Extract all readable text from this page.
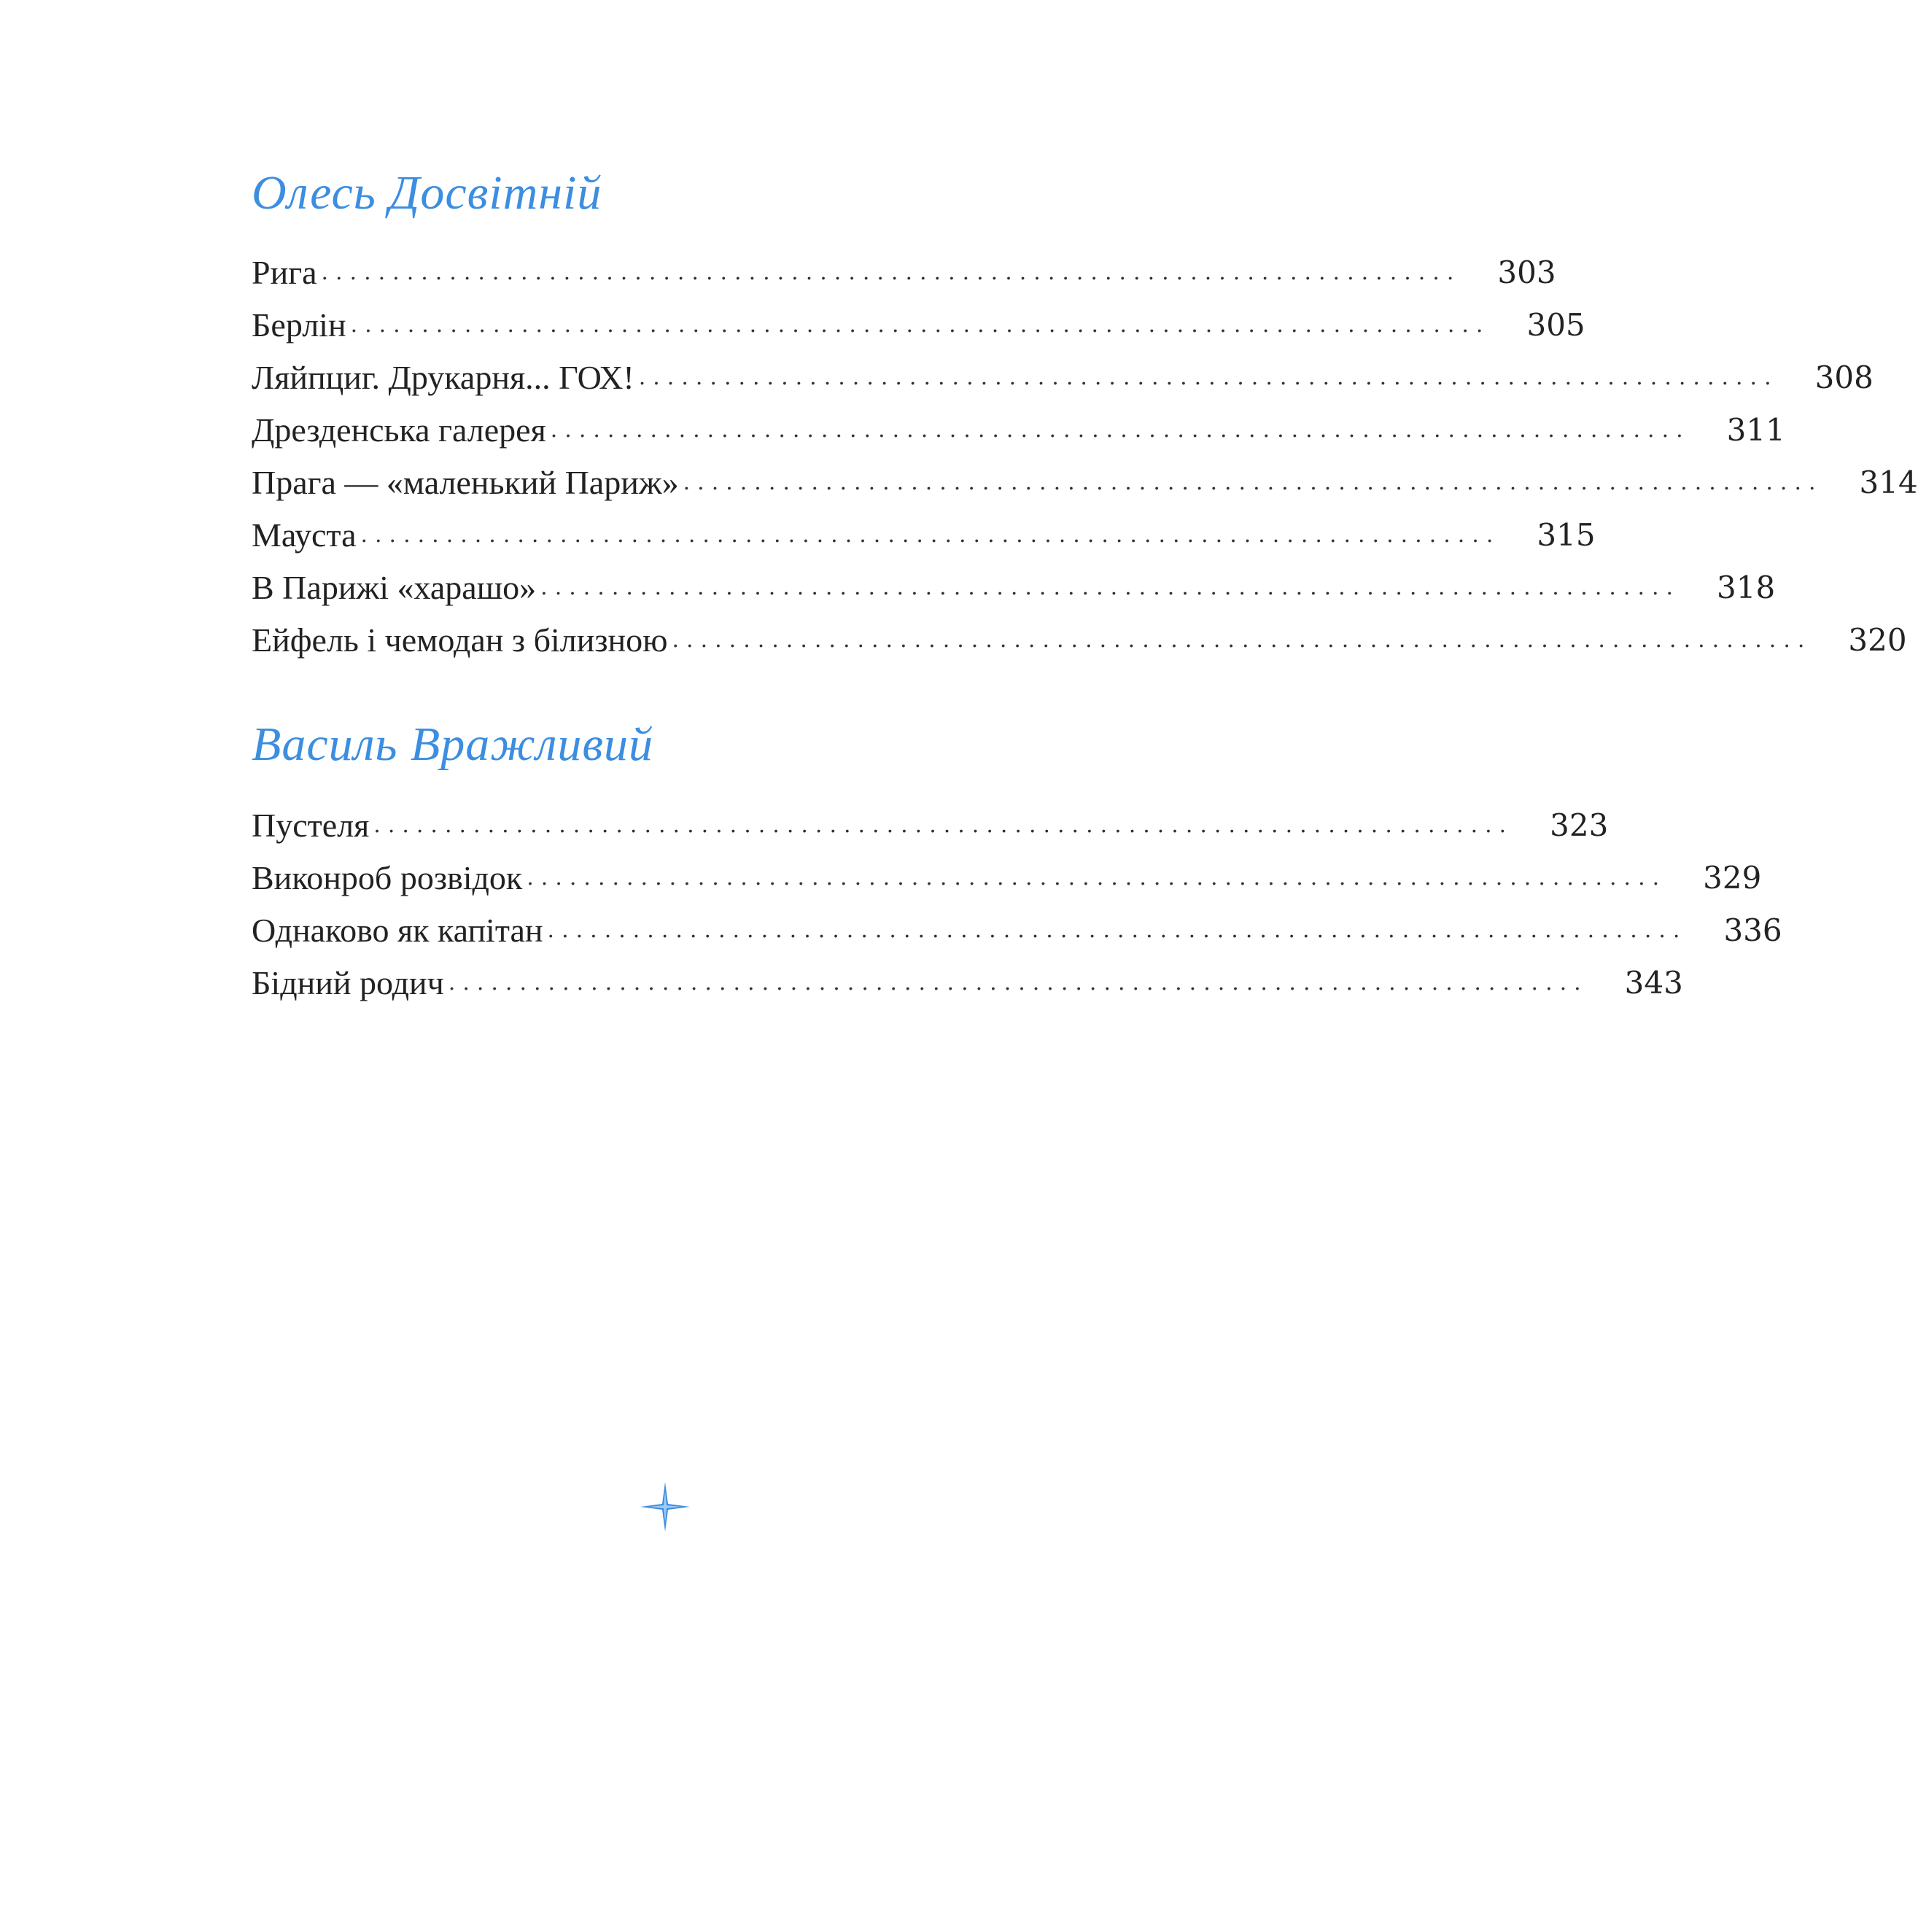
Олесь Досвітній
Рига ................................................................................ 303
Берлін ................................................................................ 305
Ляйпциг. Друкарня... ГОХ! ................................................................................ 308
Дрезденська галерея ................................................................................ 311
Прага — «маленький Париж» ................................................................................ 314
Мауста ................................................................................ 315
В Парижі «харашо» ................................................................................ 318
Ейфель і чемодан з білизною ................................................................................ 320
Василь Вражливий
Пустеля ................................................................................ 323
Виконроб розвідок ................................................................................ 329
Однаково як капітан ................................................................................ 336
Бідний родич ................................................................................ 343
